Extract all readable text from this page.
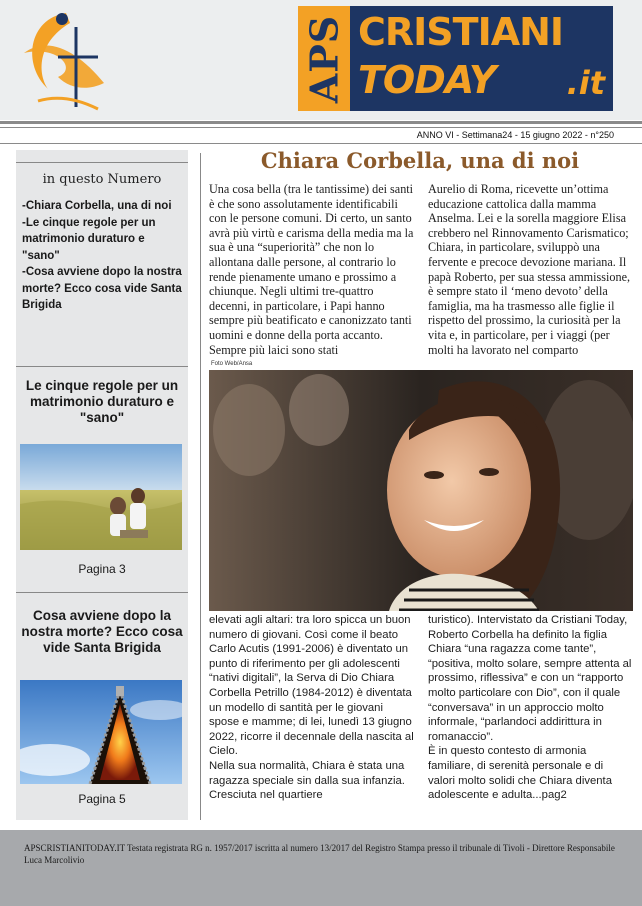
APS CRISTIANI
TODAY .it
ANNO VI - Settimana24 - 15 giugno 2022 - n°250
in questo Numero
-Chiara Corbella, una di noi
-Le cinque regole per un matrimonio duraturo e "sano"
-Cosa avviene dopo la nostra morte? Ecco cosa vide Santa Brigida
Le cinque regole per un matrimonio duraturo e "sano"
Pagina 3
Cosa avviene dopo la nostra morte? Ecco cosa vide Santa Brigida
Pagina 5
Chiara Corbella, una di noi
Una cosa bella (tra le tantissime) dei santi è che sono assolutamente identificabili con le persone comuni. Di certo, un santo avrà più virtù e carisma della media ma la sua è una “superiorità” che non lo allontana dalle persone, al contrario lo rende pienamente umano e prossimo a chiunque. Negli ultimi tre-quattro decenni, in particolare, i Papi hanno sempre più beatificato e canonizzato tanti uomini e donne della porta accanto. Sempre più laici sono stati
Aurelio di Roma, ricevette un’ottima educazione cattolica dalla mamma Anselma. Lei e la sorella maggiore Elisa crebbero nel Rinnovamento Carismatico; Chiara, in particolare, sviluppò una fervente e precoce devozione mariana. Il papà Roberto, per sua stessa ammissione, è sempre stato il ‘meno devoto’ della famiglia, ma ha trasmesso alle figlie il rispetto del prossimo, la curiosità per la vita e, in particolare, per i viaggi (per molti ha lavorato nel comparto
Foto Web/Ansa
elevati agli altari: tra loro spicca un buon numero di giovani. Così come il beato Carlo Acutis (1991-2006) è diventato un punto di riferimento per gli adolescenti “nativi digitali”, la Serva di Dio Chiara Corbella Petrillo (1984-2012) è diventata un modello di santità per le giovani spose e mamme; di lei, lunedì 13 giugno 2022, ricorre il decennale della nascita al Cielo.
Nella sua normalità, Chiara è stata una ragazza speciale sin dalla sua infanzia. Cresciuta nel quartiere
turistico). Intervistato da Cristiani Today, Roberto Corbella ha definito la figlia Chiara “una ragazza come tante”, “positiva, molto solare, sempre attenta al prossimo, riflessiva” e con un “rapporto molto particolare con Dio”, con il quale “conversava” in un approccio molto informale, “parlandoci addirittura in romanaccio”.
È in questo contesto di armonia familiare, di serenità personale e di valori molto solidi che Chiara diventa adolescente e adulta...pag2
APSCRISTIANITODAY.IT Testata registrata RG n. 1957/2017 iscritta al numero 13/2017 del Registro Stampa presso il tribunale di Tivoli - Direttore Responsabile Luca Marcolivio
